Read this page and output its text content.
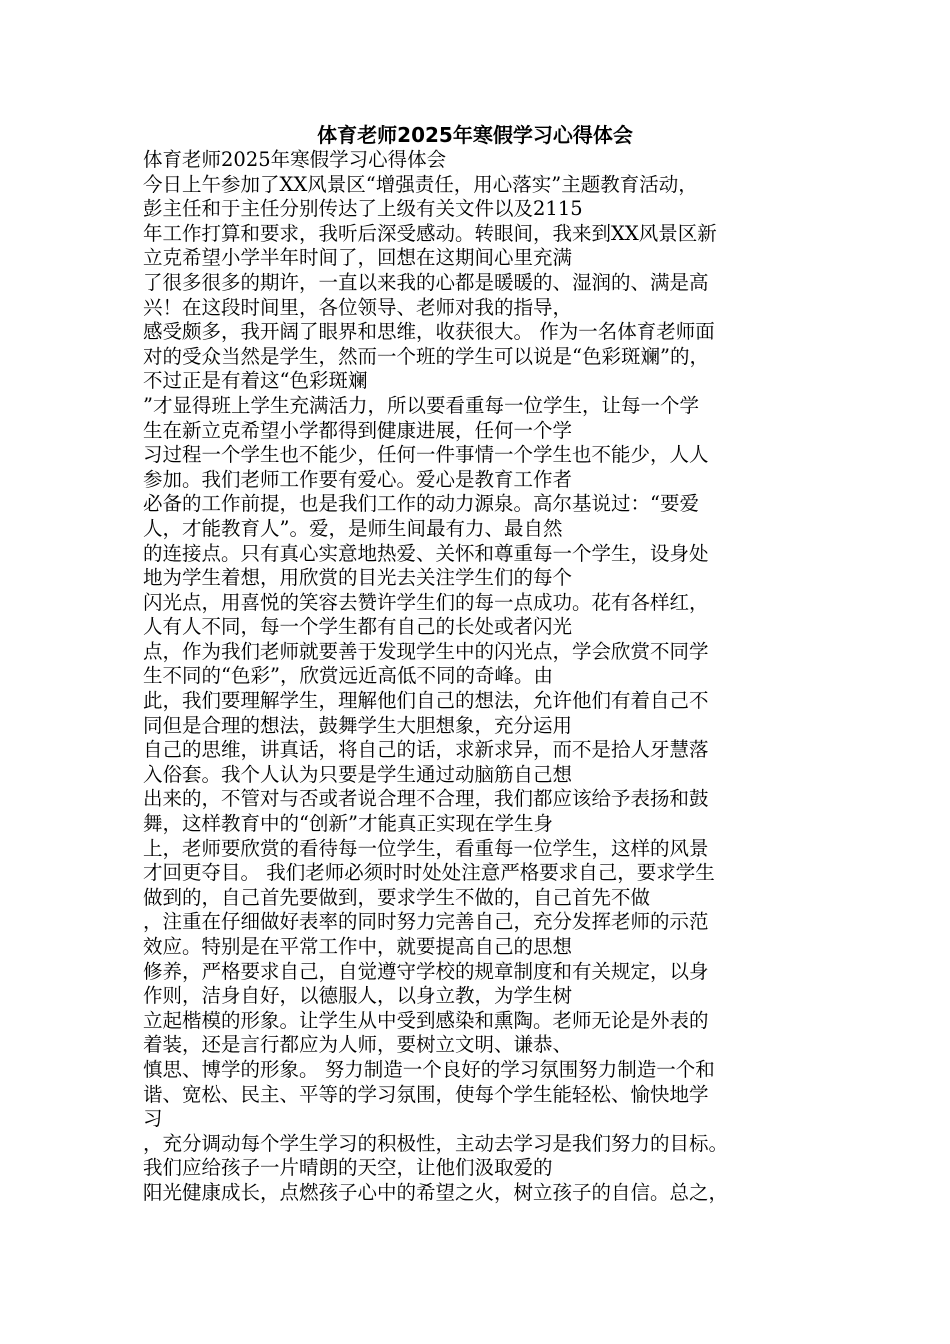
体育老师2025年寒假学习心得体会
体育老师2025年寒假学习心得体会
今日上午参加了XX风景区“增强责任，用心落实”主题教育活动，
彭主任和于主任分别传达了上级有关文件以及2115
年工作打算和要求，我听后深受感动。转眼间，我来到XX风景区新
立克希望小学半年时间了，回想在这期间心里充满
了很多很多的期许，一直以来我的心都是暖暖的、湿润的、满是高
兴！在这段时间里，各位领导、老师对我的指导，
感受颇多，我开阔了眼界和思维，收获很大。 作为一名体育老师面
对的受众当然是学生，然而一个班的学生可以说是“色彩斑斓”的，
不过正是有着这“色彩斑斓
”才显得班上学生充满活力，所以要看重每一位学生，让每一个学
生在新立克希望小学都得到健康进展，任何一个学
习过程一个学生也不能少，任何一件事情一个学生也不能少，人人
参加。我们老师工作要有爱心。爱心是教育工作者
必备的工作前提，也是我们工作的动力源泉。高尔基说过：“要爱
人，才能教育人”。爱，是师生间最有力、最自然
的连接点。只有真心实意地热爱、关怀和尊重每一个学生，设身处
地为学生着想，用欣赏的目光去关注学生们的每个
闪光点，用喜悦的笑容去赞许学生们的每一点成功。花有各样红，
人有人不同，每一个学生都有自己的长处或者闪光
点，作为我们老师就要善于发现学生中的闪光点，学会欣赏不同学
生不同的“色彩”，欣赏远近高低不同的奇峰。由
此，我们要理解学生，理解他们自己的想法，允许他们有着自己不
同但是合理的想法，鼓舞学生大胆想象，充分运用
自己的思维，讲真话，将自己的话，求新求异，而不是拾人牙慧落
入俗套。我个人认为只要是学生通过动脑筋自己想
出来的，不管对与否或者说合理不合理，我们都应该给予表扬和鼓
舞，这样教育中的“创新”才能真正实现在学生身
上，老师要欣赏的看待每一位学生，看重每一位学生，这样的风景
才回更夺目。 我们老师必须时时处处注意严格要求自己，要求学生
做到的，自己首先要做到，要求学生不做的，自己首先不做
，注重在仔细做好表率的同时努力完善自己，充分发挥老师的示范
效应。特别是在平常工作中，就要提高自己的思想
修养，严格要求自己，自觉遵守学校的规章制度和有关规定，以身
作则，洁身自好，以德服人，以身立教，为学生树
立起楷模的形象。让学生从中受到感染和熏陶。老师无论是外表的
着装，还是言行都应为人师，要树立文明、谦恭、
慎思、博学的形象。 努力制造一个良好的学习氛围努力制造一个和
谐、宽松、民主、平等的学习氛围，使每个学生能轻松、愉快地学
习
，充分调动每个学生学习的积极性，主动去学习是我们努力的目标。
我们应给孩子一片晴朗的天空，让他们汲取爱的
阳光健康成长，点燃孩子心中的希望之火，树立孩子的自信。总之，
